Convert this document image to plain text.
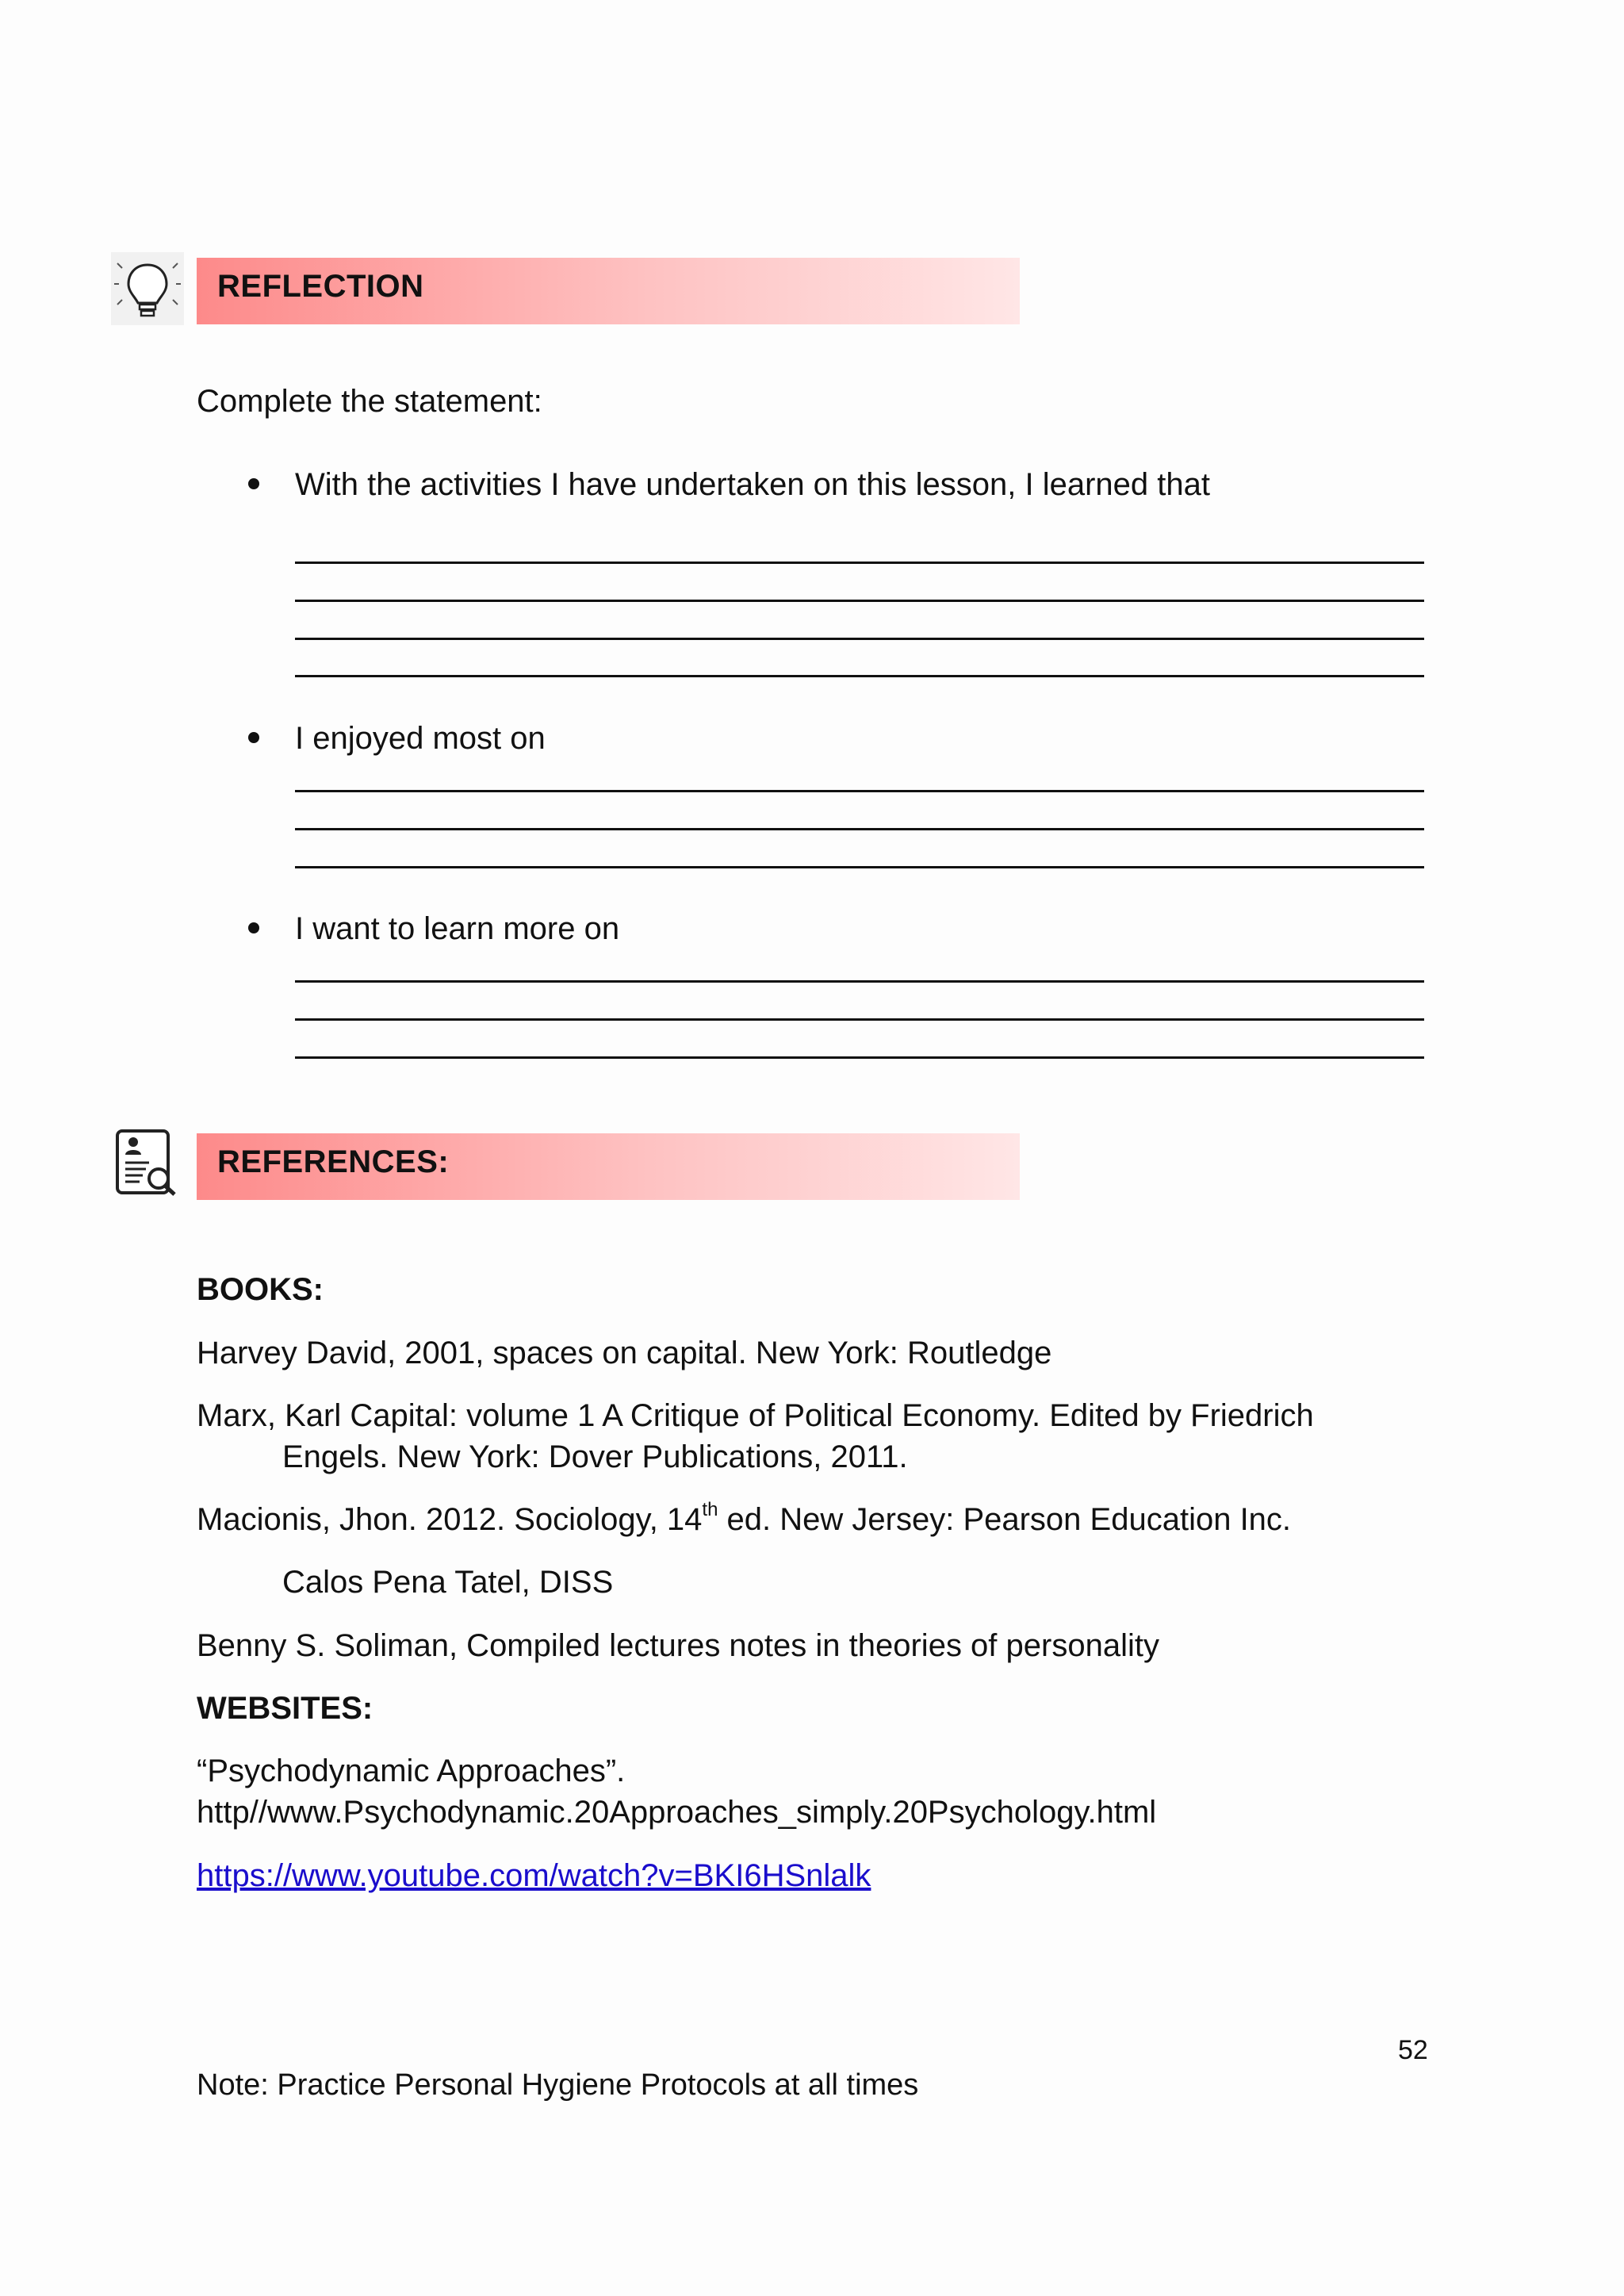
REFLECTION
Complete the statement:
With the activities I have undertaken on this lesson, I learned that
I enjoyed most on
I want to learn more on
REFERENCES:
BOOKS:
Harvey David, 2001, spaces on capital. New York: Routledge
Marx, Karl Capital: volume 1 A Critique of Political Economy. Edited by Friedrich
Engels. New York: Dover Publications, 2011.
Macionis, Jhon. 2012. Sociology, 14th ed. New Jersey: Pearson Education Inc.
Calos Pena Tatel, DISS
Benny S. Soliman, Compiled lectures notes in theories of personality
WEBSITES:
“Psychodynamic Approaches”.
http//www.Psychodynamic.20Approaches_simply.20Psychology.html
https://www.youtube.com/watch?v=BKI6HSnlalk
52
Note: Practice Personal Hygiene Protocols at all times
